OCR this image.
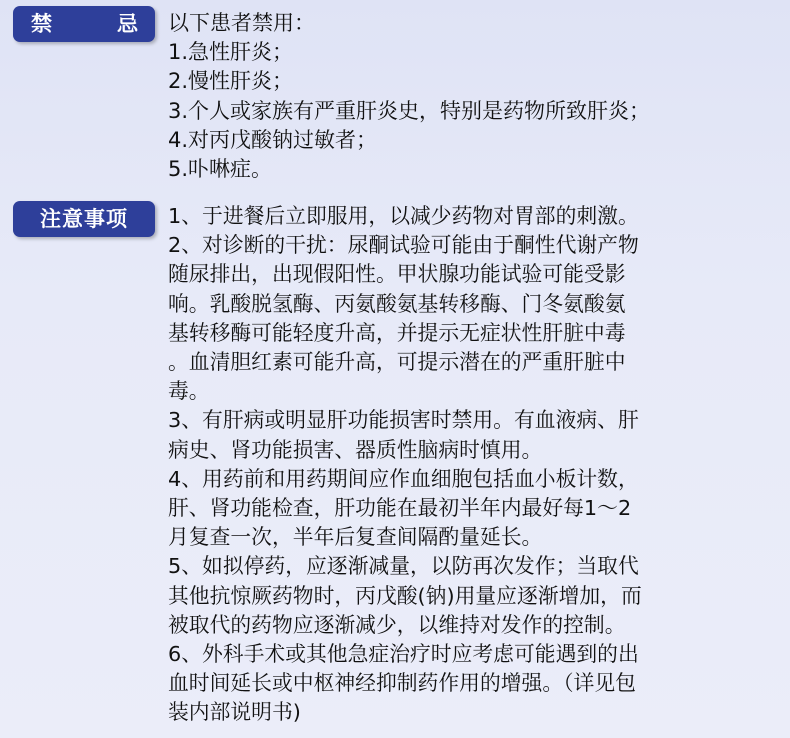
禁	忌 以下患者禁用：

1.急性肝炎；

2.慢性肝炎；

3.个人或家族有严重肝炎史，特别是药物所致肝炎；

4.对丙戊酸钠过敏者；

5.卟啉症。

注意事项	1、于进餐后立即服用，以减少药物对胃部的刺激。

2、对诊断的干扰：尿酮试验可能由于酮性代谢产物

随尿排出，出现假阳性。甲状腺功能试验可能受影

响。乳酸脱氢酶、丙氨酸氨基转移酶、门冬氨酸氨

基转移酶可能轻度升高，并提示无症状性肝脏中毒

。血清胆红素可能升高，可提示潜在的严重肝脏中

毒。

3、有肝病或明显肝功能损害时禁用。有血液病、肝

病史、肾功能损害、器质性脑病时慎用。

4、用药前和用药期间应作血细胞包括血小板计数，

肝、肾功能检查，肝功能在最初半年内最好每1～2

月复查一次，半年后复查间隔酌量延长。

5、如拟停药，应逐渐减量，以防再次发作；当取代

其他抗惊厥药物时，丙戊酸(钠)用量应逐渐增加，而

被取代的药物应逐渐减少，以维持对发作的控制。

6、外科手术或其他急症治疗时应考虑可能遇到的出

血时间延长或中枢神经抑制药作用的增强。（详见包

装内部说明书)
